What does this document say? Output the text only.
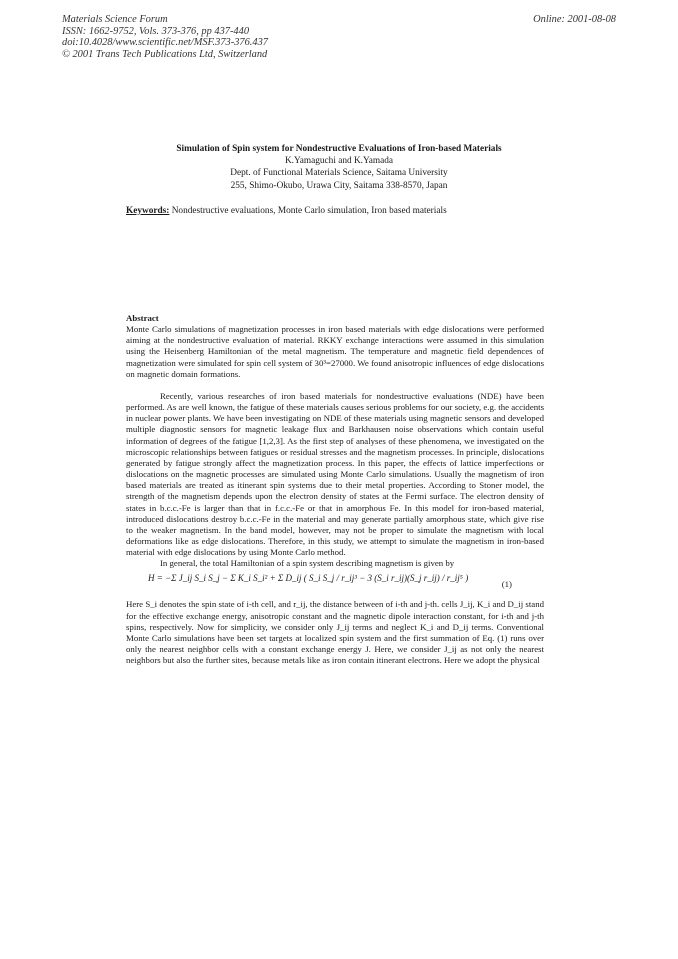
Materials Science Forum
ISSN: 1662-9752, Vols. 373-376, pp 437-440
doi:10.4028/www.scientific.net/MSF.373-376.437
© 2001 Trans Tech Publications Ltd, Switzerland
Online: 2001-08-08
Simulation of Spin system for Nondestructive Evaluations of Iron-based Materials
K.Yamaguchi and K.Yamada
Dept. of Functional Materials Science, Saitama University
255, Shimo-Okubo, Urawa City, Saitama 338-8570, Japan
Keywords: Nondestructive evaluations, Monte Carlo simulation, Iron based materials

Abstract

Monte Carlo simulations of magnetization processes in iron based materials with edge dislocations were performed aiming at the nondestructive evaluation of material. RKKY exchange interactions were assumed in this simulation using the Heisenberg Hamiltonian of the metal magnetism. The temperature and magnetic field dependences of magnetization were simulated for spin cell system of 30³=27000. We found anisotropic influences of edge dislocations on magnetic domain formations.

Recently, various researches of iron based materials for nondestructive evaluations (NDE) have been performed. As are well known, the fatigue of these materials causes serious problems for our society, e.g. the accidents in nuclear power plants. We have been investigating on NDE of these materials using magnetic sensors and developed multiple diagnostic sensors for magnetic leakage flux and Barkhausen noise observations which contain useful information of degrees of the fatigue [1,2,3]. As the first step of analyses of these phenomena, we investigated on the microscopic relationships between fatigues or residual stresses and the magnetism processes. In principle, dislocations generated by fatigue strongly affect the magnetization process. In this paper, the effects of lattice imperfections or dislocations on the magnetic processes are simulated using Monte Carlo simulations. Usually the magnetism of iron based materials are treated as itinerant spin systems due to their metal properties. According to Stoner model, the strength of the magnetism depends upon the electron density of states at the Fermi surface. The electron density of states in b.c.c.-Fe is larger than that in f.c.c.-Fe or that in amorphous Fe. In this model for iron-based material, introduced dislocations destroy b.c.c.-Fe in the material and may generate partially amorphous state, which give rise to the weaker magnetism. In the band model, however, may not be proper to simulate the magnetism with local deformations like as edge dislocations. Therefore, in this study, we attempt to simulate the magnetism in iron-based material with edge dislocations by using Monte Carlo method.

In general, the total Hamiltonian of a spin system describing magnetism is given by

H = −Σ J_ij S_i S_j − Σ K_i S_i² + Σ D_ij ( S_i S_j / r_ij³ − 3 (S_i r_ij)(S_j r_ij) / r_ij⁵ )
(1)

Here S_i denotes the spin state of i-th cell, and r_ij, the distance between of i-th and j-th. cells J_ij, K_i and D_ij stand for the effective exchange energy, anisotropic constant and the magnetic dipole interaction constant, for i-th and j-th spins, respectively. Now for simplicity, we consider only J_ij terms and neglect K_i and D_ij terms. Conventional Monte Carlo simulations have been set targets at localized spin system and the first summation of Eq. (1) runs over only the nearest neighbor cells with a constant exchange energy J. Here, we consider J_ij as not only the nearest neighbors but also the further sites, because metals like as iron contain itinerant electrons. Here we adopt the physical
